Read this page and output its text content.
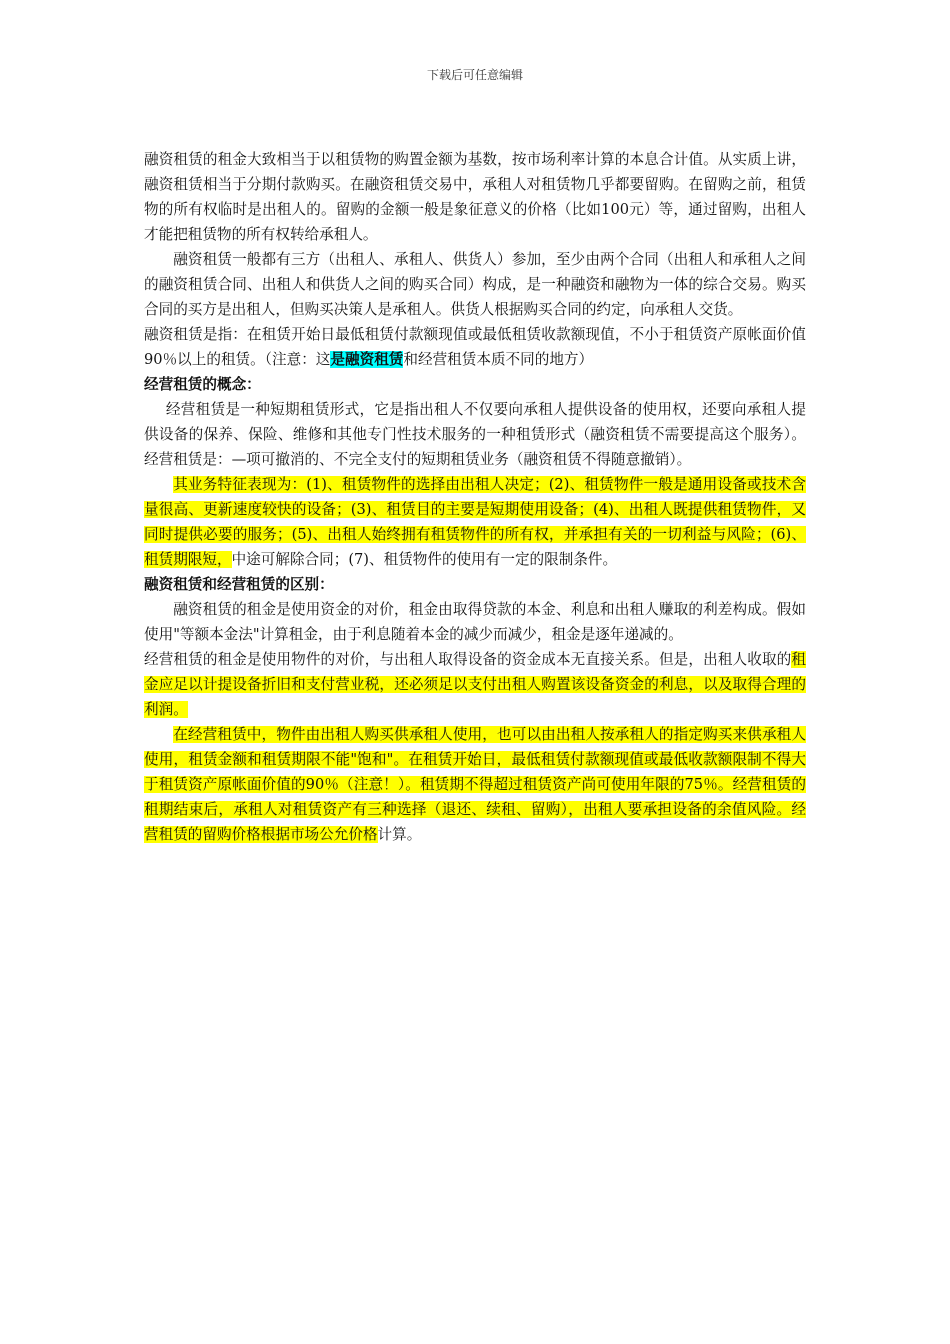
下载后可任意编辑

融资租赁的租金大致相当于以租赁物的购置金额为基数，按市场利率计算的本息合计值。从实质上讲，融资租赁相当于分期付款购买。在融资租赁交易中，承租人对租赁物几乎都要留购。在留购之前，租赁物的所有权临时是出租人的。留购的金额一般是象征意义的价格（比如100元）等，通过留购，出租人才能把租赁物的所有权转给承租人。

融资租赁一般都有三方（出租人、承租人、供货人）参加，至少由两个合同（出租人和承租人之间的融资租赁合同、出租人和供货人之间的购买合同）构成，是一种融资和融物为一体的综合交易。购买合同的买方是出租人，但购买决策人是承租人。供货人根据购买合同的约定，向承租人交货。

融资租赁是指：在租赁开始日最低租赁付款额现值或最低租赁收款额现值，不小于租赁资产原帐面价值90％以上的租赁。（注意：这是融资租赁和经营租赁本质不同的地方）

经营租赁的概念：

经营租赁是一种短期租赁形式，它是指出租人不仅要向承租人提供设备的使用权，还要向承租人提供设备的保养、保险、维修和其他专门性技术服务的一种租赁形式（融资租赁不需要提高这个服务）。经营租赁是：—项可撤消的、不完全支付的短期租赁业务（融资租赁不得随意撤销）。

其业务特征表现为：(1)、租赁物件的选择由出租人决定；(2)、租赁物件一般是通用设备或技术含量很高、更新速度较快的设备；(3)、租赁目的主要是短期使用设备；(4)、出租人既提供租赁物件，又同时提供必要的服务；(5)、出租人始终拥有租赁物件的所有权，并承担有关的一切利益与风险；(6)、租赁期限短，中途可解除合同；(7)、租赁物件的使用有一定的限制条件。

融资租赁和经营租赁的区别：

融资租赁的租金是使用资金的对价，租金由取得贷款的本金、利息和出租人赚取的利差构成。假如使用"等额本金法"计算租金，由于利息随着本金的减少而减少，租金是逐年递减的。

经营租赁的租金是使用物件的对价，与出租人取得设备的资金成本无直接关系。但是，出租人收取的租金应足以计提设备折旧和支付营业税，还必须足以支付出租人购置该设备资金的利息，以及取得合理的利润。

在经营租赁中，物件由出租人购买供承租人使用，也可以由出租人按承租人的指定购买来供承租人使用，租赁金额和租赁期限不能"饱和"。在租赁开始日，最低租赁付款额现值或最低收款额限制不得大于租赁资产原帐面价值的90％（注意！）。租赁期不得超过租赁资产尚可使用年限的75％。经营租赁的租期结束后，承租人对租赁资产有三种选择（退还、续租、留购），出租人要承担设备的余值风险。经营租赁的留购价格根据市场公允价格计算。
